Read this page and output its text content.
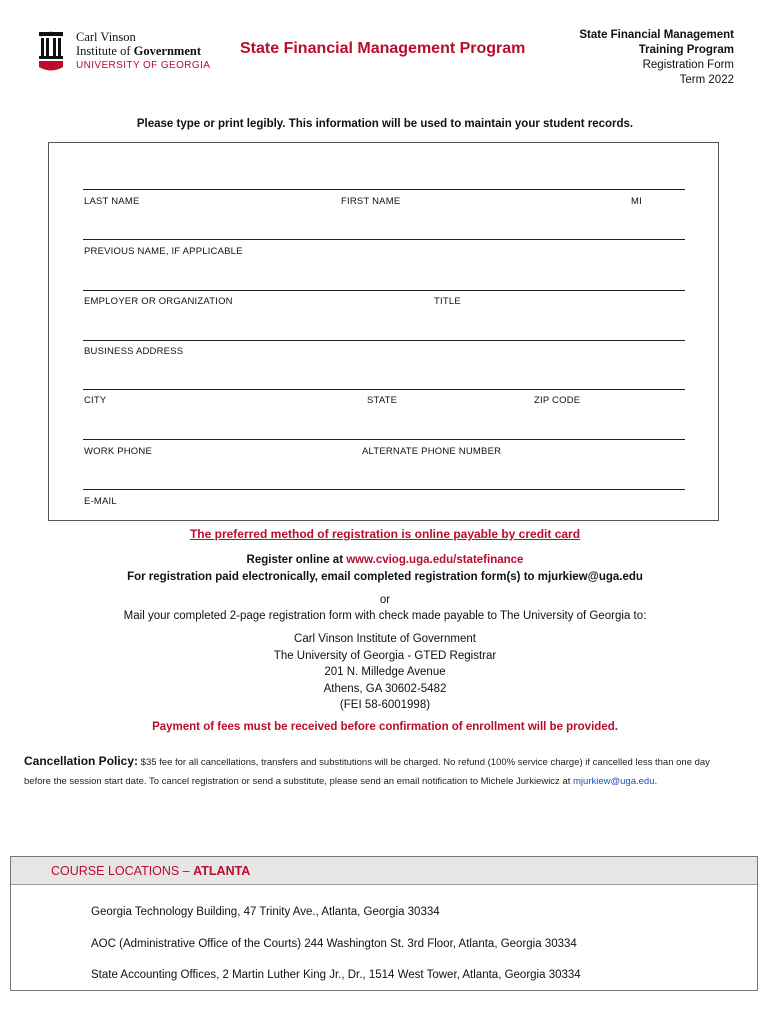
Carl Vinson
Institute of Government
UNIVERSITY OF GEORGIA
State Financial Management Program
State Financial Management
Training Program
Registration Form
Term 2022
Please type or print legibly. This information will be used to maintain your student records.
LAST NAME	FIRST NAME	MI
PREVIOUS NAME, IF APPLICABLE
EMPLOYER OR ORGANIZATION	TITLE
BUSINESS ADDRESS
CITY	STATE	ZIP CODE
WORK PHONE	ALTERNATE PHONE NUMBER
E-MAIL
The preferred method of registration is online payable by credit card
Register online at www.cviog.uga.edu/statefinance
For registration paid electronically, email completed registration form(s) to mjurkiew@uga.edu
or
Mail your completed 2-page registration form with check made payable to The University of Georgia to:
Carl Vinson Institute of Government
The University of Georgia - GTED Registrar
201 N. Milledge Avenue
Athens, GA 30602-5482
(FEI 58-6001998)
Payment of fees must be received before confirmation of enrollment will be provided.
Cancellation Policy: $35 fee for all cancellations, transfers and substitutions will be charged. No refund (100% service charge) if cancelled less than one day before the session start date. To cancel registration or send a substitute, please send an email notification to Michele Jurkiewicz at mjurkiew@uga.edu.
COURSE LOCATIONS – ATLANTA
Georgia Technology Building, 47 Trinity Ave., Atlanta, Georgia 30334
AOC (Administrative Office of the Courts) 244 Washington St. 3rd Floor, Atlanta, Georgia 30334
State Accounting Offices, 2 Martin Luther King Jr., Dr., 1514 West Tower, Atlanta, Georgia 30334
